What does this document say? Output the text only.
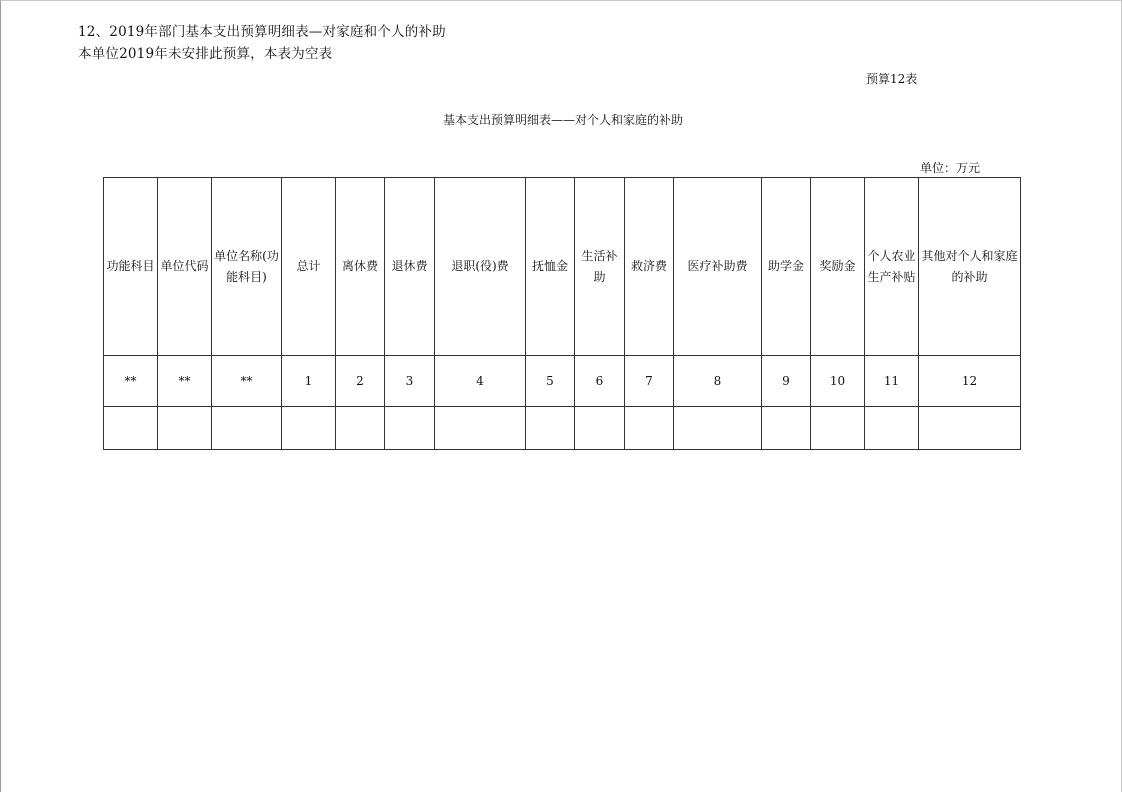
12、2019年部门基本支出预算明细表—对家庭和个人的补助
本单位2019年未安排此预算，本表为空表
预算12表
基本支出预算明细表——对个人和家庭的补助
单位：万元
功能科目	单位代码	单位名称(功能科目)	总计	离休费	退休费	退职(役)费	抚恤金	生活补助	救济费	医疗补助费	助学金	奖励金	个人农业生产补贴	其他对个人和家庭的补助
**	**	**	1	2	3	4	5	6	7	8	9	10	11	12
